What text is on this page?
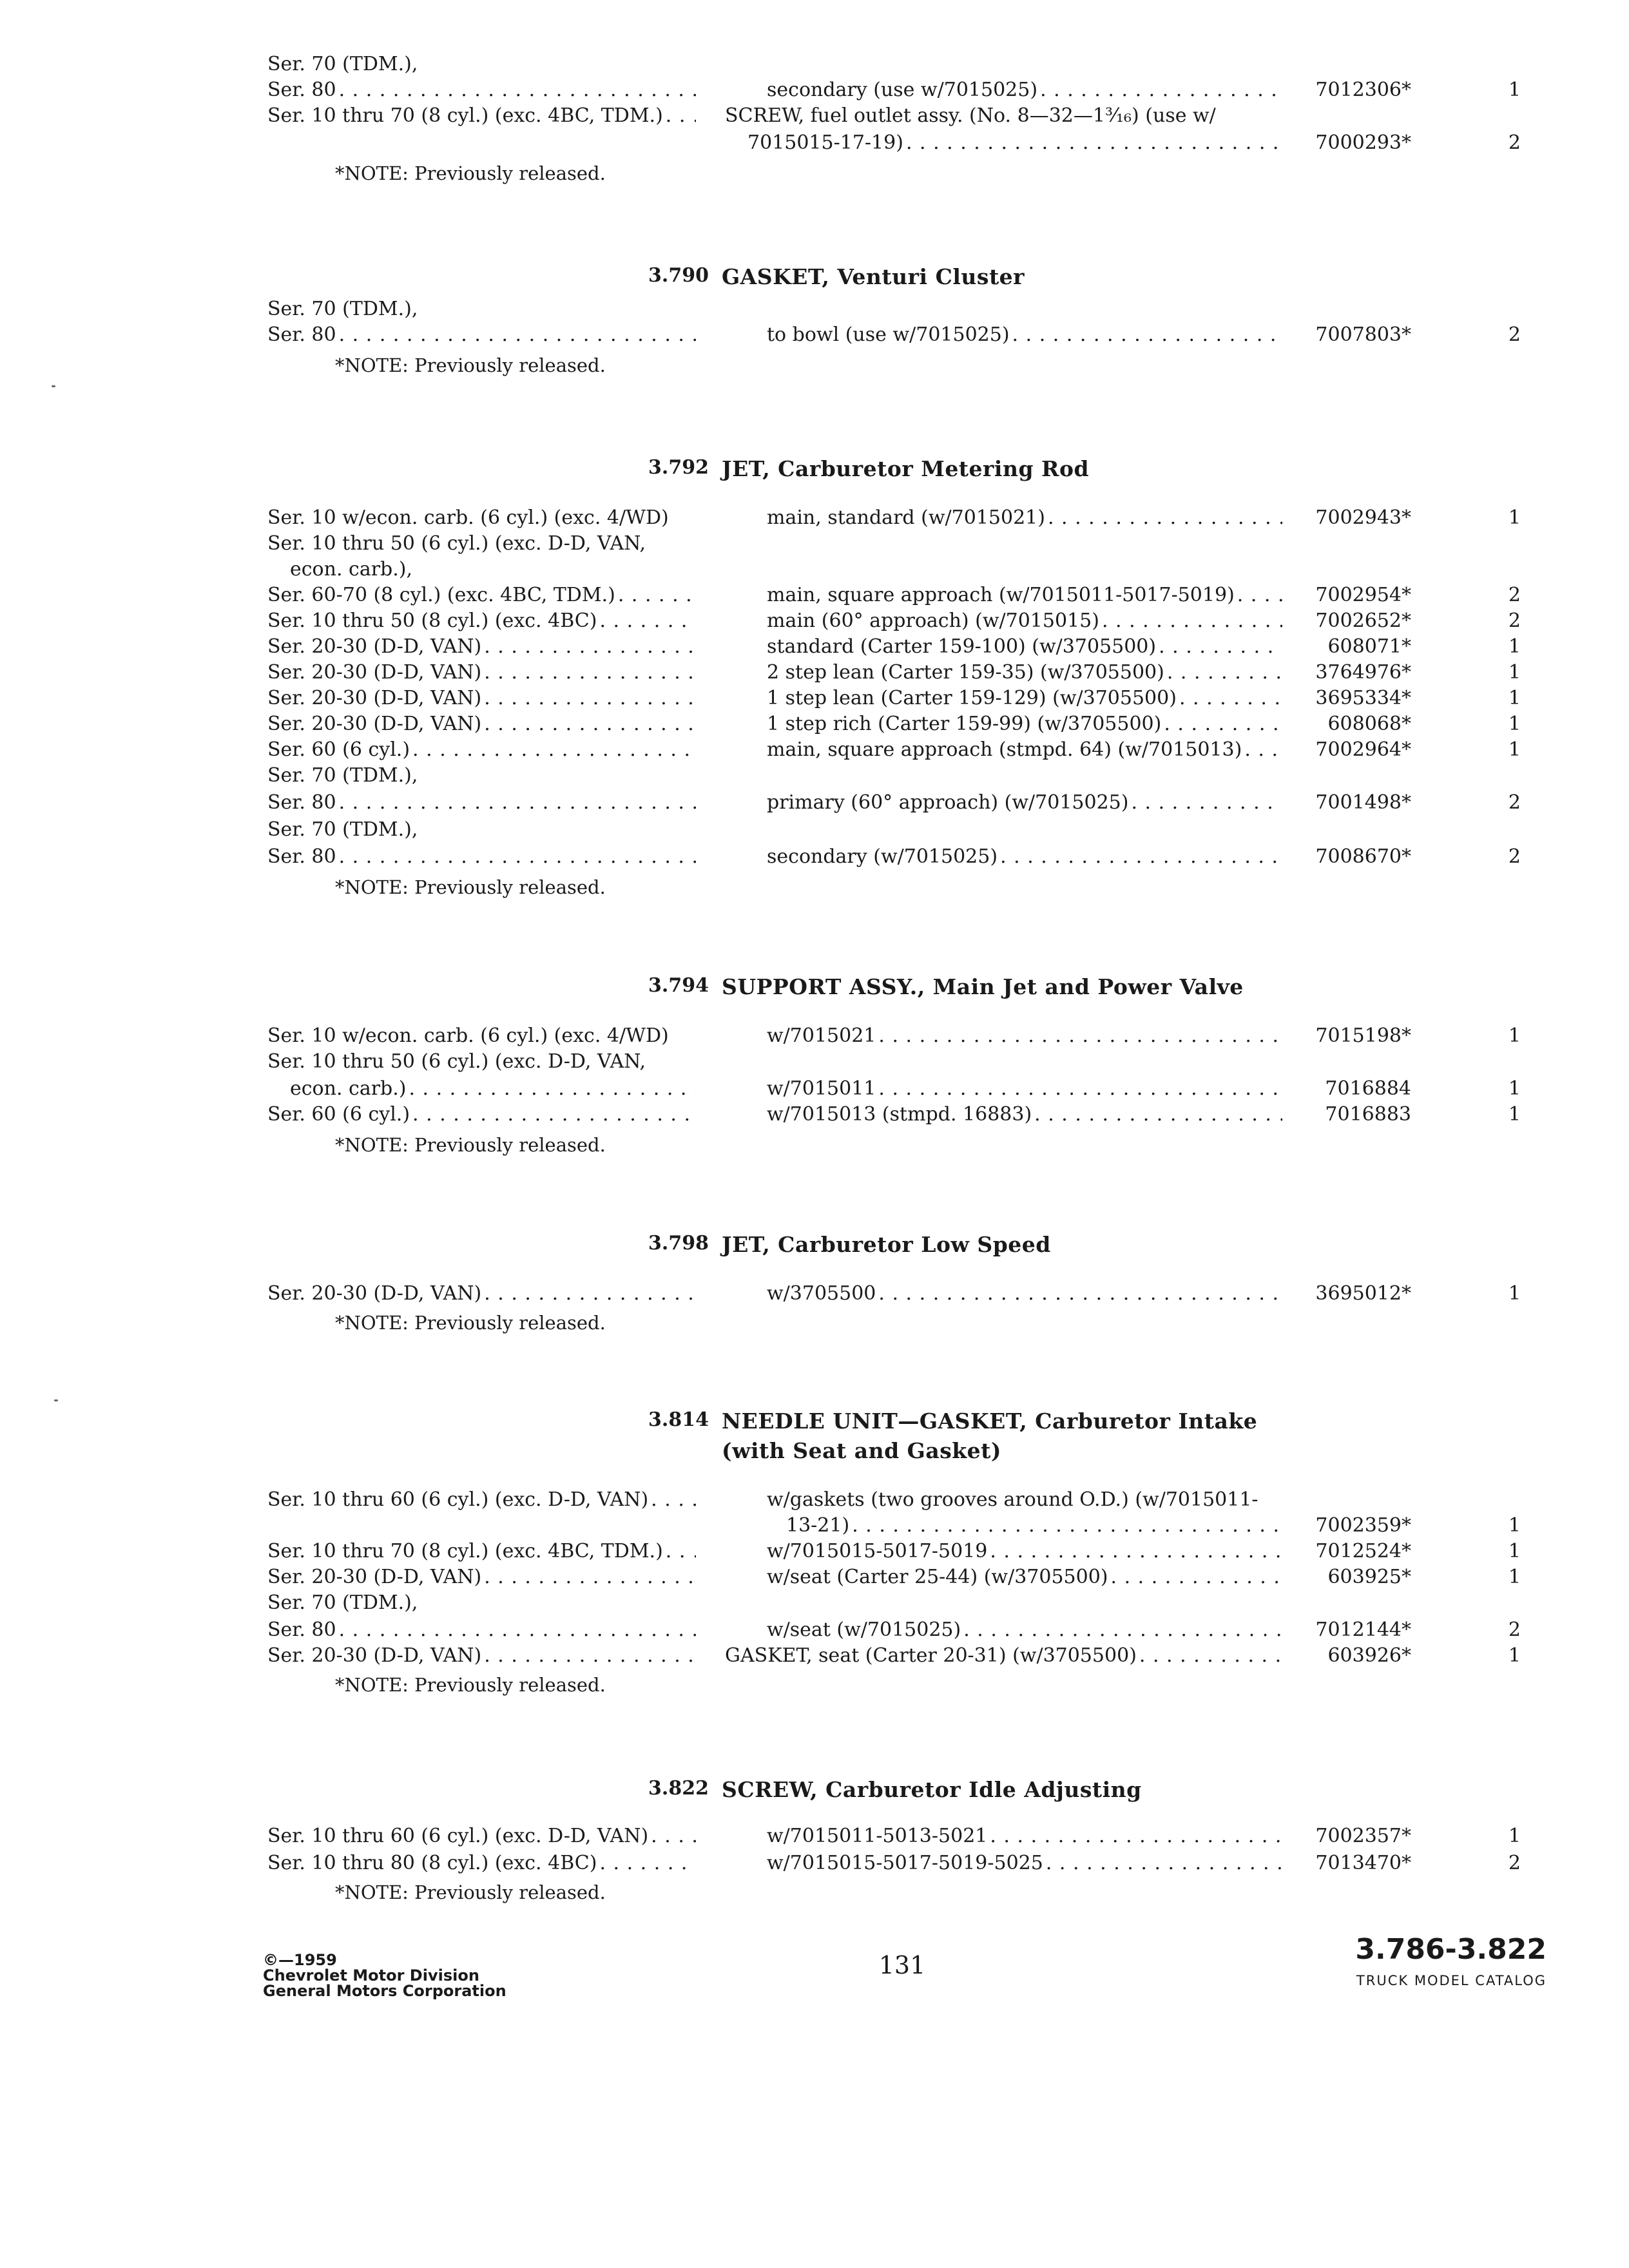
Ser. 70 (TDM.),
Ser. 80 . . .	secondary (use w/7015025) . . .	7012306*	1
Ser. 10 thru 70 (8 cyl.) (exc. 4BC, TDM.) . . .	SCREW, fuel outlet assy. (No. 8—32—1³⁄₁₆) (use w/
7015015-17-19) . . .	7000293*	2
*NOTE: Previously released.
3.790 GASKET, Venturi Cluster
Ser. 70 (TDM.),
Ser. 80 . . .	to bowl (use w/7015025) . . .	7007803*	2
*NOTE: Previously released.
3.792 JET, Carburetor Metering Rod
Ser. 10 w/econ. carb. (6 cyl.) (exc. 4/WD)	main, standard (w/7015021) . . .	7002943*	1
Ser. 10 thru 50 (6 cyl.) (exc. D-D, VAN,
econ. carb.),
Ser. 60-70 (8 cyl.) (exc. 4BC, TDM.) . . .	main, square approach (w/7015011-5017-5019) . . .	7002954*	2
Ser. 10 thru 50 (8 cyl.) (exc. 4BC) . . .	main (60° approach) (w/7015015) . . .	7002652*	2
Ser. 20-30 (D-D, VAN) . . .	standard (Carter 159-100) (w/3705500) . . .	608071*	1
Ser. 20-30 (D-D, VAN) . . .	2 step lean (Carter 159-35) (w/3705500) . . .	3764976*	1
Ser. 20-30 (D-D, VAN) . . .	1 step lean (Carter 159-129) (w/3705500) . . .	3695334*	1
Ser. 20-30 (D-D, VAN) . . .	1 step rich (Carter 159-99) (w/3705500) . . .	608068*	1
Ser. 60 (6 cyl.) . . .	main, square approach (stmpd. 64) (w/7015013) . . .	7002964*	1
Ser. 70 (TDM.),
Ser. 80 . . .	primary (60° approach) (w/7015025) . . .	7001498*	2
Ser. 70 (TDM.),
Ser. 80 . . .	secondary (w/7015025) . . .	7008670*	2
*NOTE: Previously released.
3.794 SUPPORT ASSY., Main Jet and Power Valve
Ser. 10 w/econ. carb. (6 cyl.) (exc. 4/WD)	w/7015021 . . .	7015198*	1
Ser. 10 thru 50 (6 cyl.) (exc. D-D, VAN,
econ. carb.) . . .	w/7015011 . . .	7016884	1
Ser. 60 (6 cyl.) . . .	w/7015013 (stmpd. 16883) . . .	7016883	1
*NOTE: Previously released.
3.798 JET, Carburetor Low Speed
Ser. 20-30 (D-D, VAN) . . .	w/3705500 . . .	3695012*	1
*NOTE: Previously released.
3.814 NEEDLE UNIT—GASKET, Carburetor Intake
(with Seat and Gasket)
Ser. 10 thru 60 (6 cyl.) (exc. D-D, VAN) . . .	w/gaskets (two grooves around O.D.) (w/7015011-
13-21) . . .	7002359*	1
Ser. 10 thru 70 (8 cyl.) (exc. 4BC, TDM.) . . .	w/7015015-5017-5019 . . .	7012524*	1
Ser. 20-30 (D-D, VAN) . . .	w/seat (Carter 25-44) (w/3705500) . . .	603925*	1
Ser. 70 (TDM.),
Ser. 80 . . .	w/seat (w/7015025) . . .	7012144*	2
Ser. 20-30 (D-D, VAN) . . .	GASKET, seat (Carter 20-31) (w/3705500) . . .	603926*	1
*NOTE: Previously released.
3.822 SCREW, Carburetor Idle Adjusting
Ser. 10 thru 60 (6 cyl.) (exc. D-D, VAN) . . .	w/7015011-5013-5021 . . .	7002357*	1
Ser. 10 thru 80 (8 cyl.) (exc. 4BC) . . .	w/7015015-5017-5019-5025 . . .	7013470*	2
*NOTE: Previously released.
©—1959
Chevrolet Motor Division
General Motors Corporation
131	3.786-3.822
TRUCK MODEL CATALOG
